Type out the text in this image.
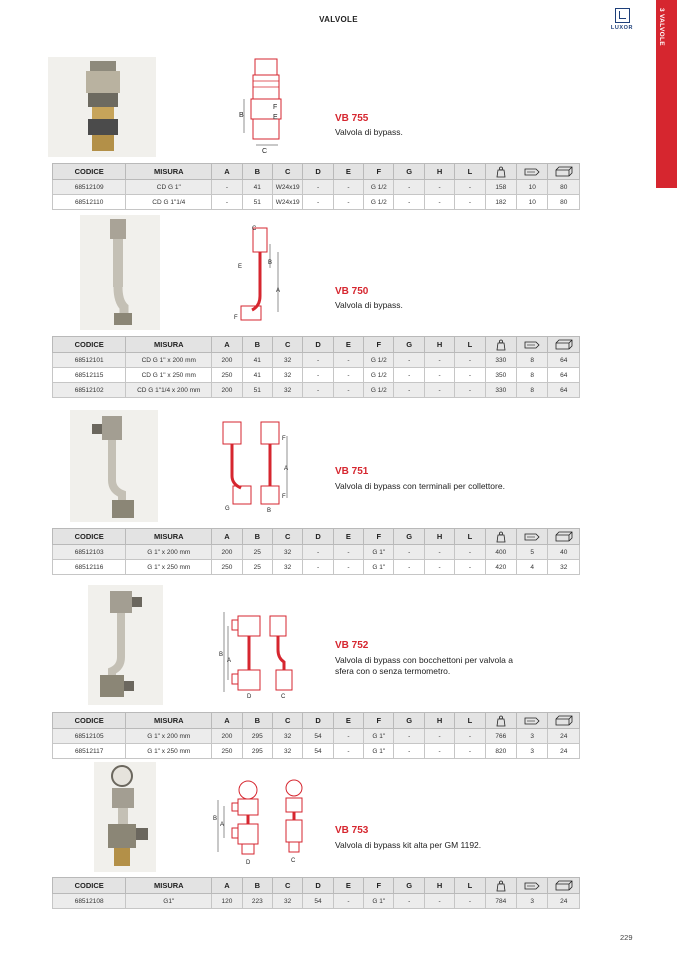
VALVOLE
LUXOR	3 VALVOLE
B
F
E
C
VB 755
Valvola di bypass.
CODICE	MISURA	A	B	C	D	E	F	G	H	L			
68512109	CD G 1"	-	41	W24x19	-	-	G 1/2	-	-	-	158	10	80
68512110	CD G 1"1/4	-	51	W24x19	-	-	G 1/2	-	-	-	182	10	80
C
E
B
A
F
VB 750
Valvola di bypass.
CODICE	MISURA	A	B	C	D	E	F	G	H	L			
68512101	CD G 1" x 200 mm	200	41	32	-	-	G 1/2	-	-	-	330	8	64
68512115	CD G 1" x 250 mm	250	41	32	-	-	G 1/2	-	-	-	350	8	64
68512102	CD G 1"1/4 x 200 mm	200	51	32	-	-	G 1/2	-	-	-	330	8	64
F
A
F
G	B
VB 751
Valvola di bypass con terminali per collettore.
CODICE	MISURA	A	B	C	D	E	F	G	H	L			
68512103	G 1" x 200 mm	200	25	32	-	-	G 1"	-	-	-	400	5	40
68512116	G 1" x 250 mm	250	25	32	-	-	G 1"	-	-	-	420	4	32
B
A
D	C
VB 752
Valvola di bypass con bocchettoni per valvola a sfera con o senza termometro.
CODICE	MISURA	A	B	C	D	E	F	G	H	L			
68512105	G 1" x 200 mm	200	295	32	54	-	G 1"	-	-	-	766	3	24
68512117	G 1" x 250 mm	250	295	32	54	-	G 1"	-	-	-	820	3	24
B
A
D	C
VB 753
Valvola di bypass kit alta per GM 1192.
CODICE	MISURA	A	B	C	D	E	F	G	H	L			
68512108	G1"	120	223	32	54	-	G 1"	-	-	-	784	3	24
229
